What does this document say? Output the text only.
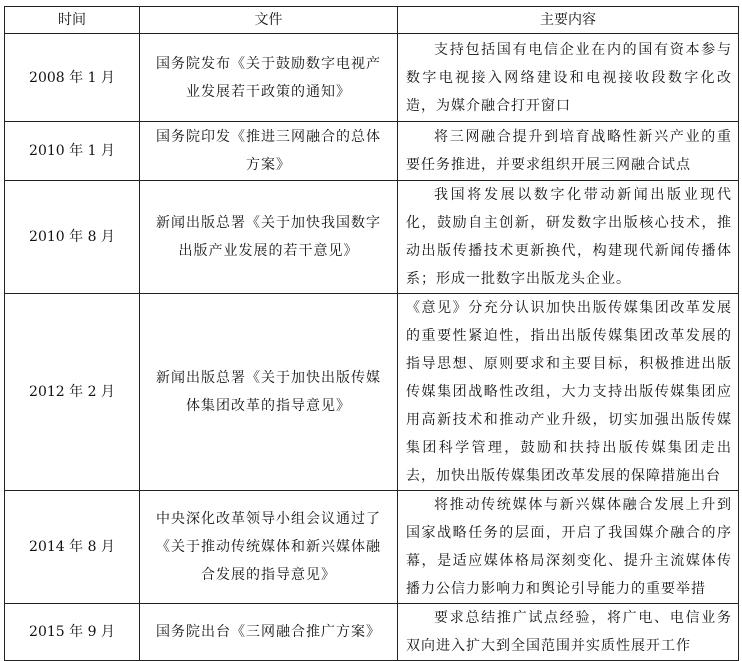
时间	文件	主要内容
2008 年 1 月	国务院发布《关于鼓励数字电视产业发展若干政策的通知》	支持包括国有电信企业在内的国有资本参与数字电视接入网络建设和电视接收段数字化改造，为媒介融合打开窗口
2010 年 1 月	国务院印发《推进三网融合的总体方案》	将三网融合提升到培育战略性新兴产业的重要任务推进，并要求组织开展三网融合试点
2010 年 8 月	新闻出版总署《关于加快我国数字出版产业发展的若干意见》	我国将发展以数字化带动新闻出版业现代化，鼓励自主创新，研发数字出版核心技术，推动出版传播技术更新换代，构建现代新闻传播体系；形成一批数字出版龙头企业。
2012 年 2 月	新闻出版总署《关于加快出版传媒体集团改革的指导意见》	《意见》分充分认识加快出版传媒集团改革发展的重要性紧迫性，指出出版传媒集团改革发展的指导思想、原则要求和主要目标，积极推进出版传媒集团战略性改组，大力支持出版传媒集团应用高新技术和推动产业升级，切实加强出版传媒集团科学管理，鼓励和扶持出版传媒集团走出去，加快出版传媒集团改革发展的保障措施出台
2014 年 8 月	中央深化改革领导小组会议通过了《关于推动传统媒体和新兴媒体融合发展的指导意见》	将推动传统媒体与新兴媒体融合发展上升到国家战略任务的层面，开启了我国媒介融合的序幕，是适应媒体格局深刻变化、提升主流媒体传播力公信力影响力和舆论引导能力的重要举措
2015 年 9 月	国务院出台《三网融合推广方案》	要求总结推广试点经验，将广电、电信业务双向进入扩大到全国范围并实质性展开工作
